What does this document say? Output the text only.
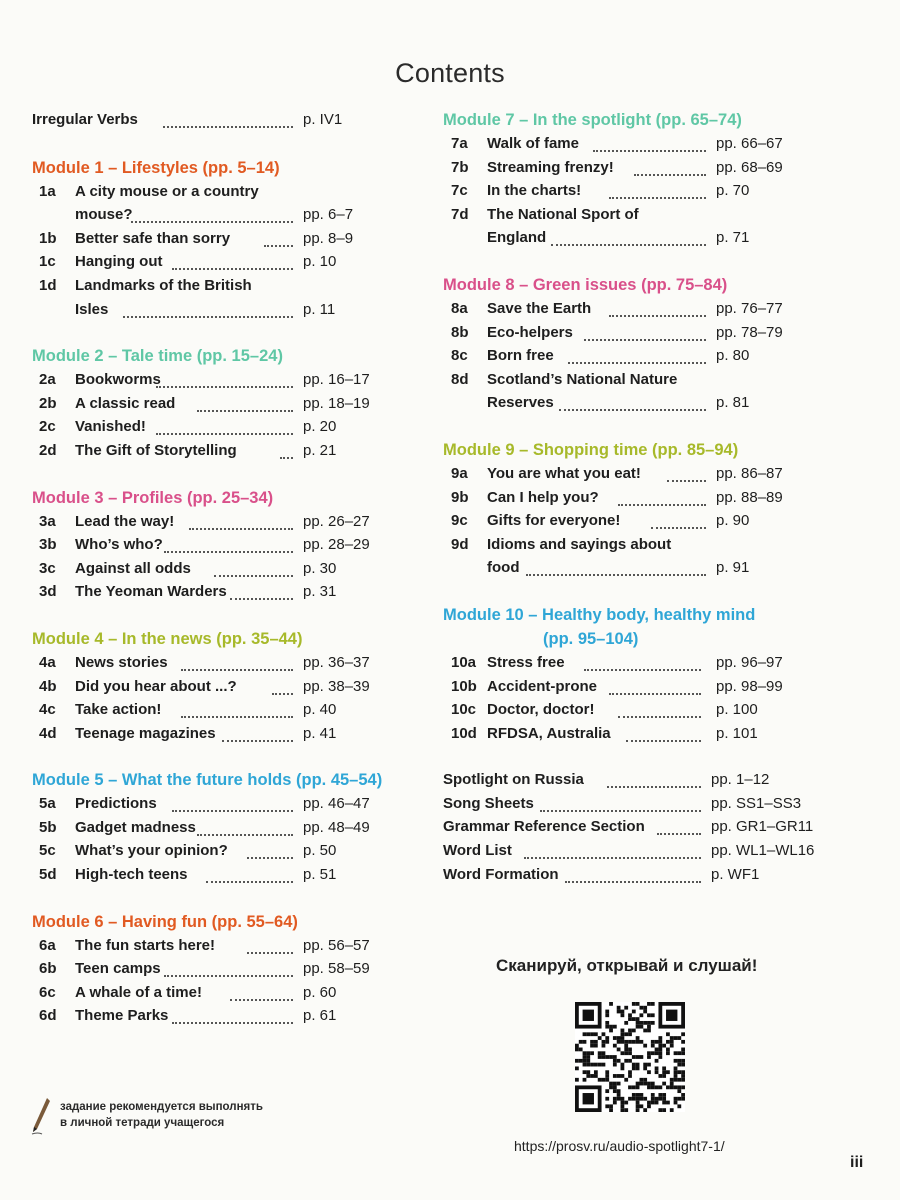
Contents
Irregular Verbs	p. IV1
Module 1 – Lifestyles (pp. 5–14)
1a A city mouse or a country
mouse?	pp. 6–7
1b Better safe than sorry	pp. 8–9
1c Hanging out	p. 10
1d Landmarks of the British
Isles	p. 11
Module 2 – Tale time (pp. 15–24)
2a Bookworms	pp. 16–17
2b A classic read	pp. 18–19
2c Vanished!	p. 20
2d The Gift of Storytelling	p. 21
Module 3 – Profiles (pp. 25–34)
3a Lead the way!	pp. 26–27
3b Who’s who?	pp. 28–29
3c Against all odds	p. 30
3d The Yeoman Warders	p. 31
Module 4 – In the news (pp. 35–44)
4a News stories	pp. 36–37
4b Did you hear about ...?	pp. 38–39
4c Take action!	p. 40
4d Teenage magazines	p. 41
Module 5 – What the future holds (pp. 45–54)
5a Predictions	pp. 46–47
5b Gadget madness	pp. 48–49
5c What’s your opinion?	p. 50
5d High-tech teens	p. 51
Module 6 – Having fun (pp. 55–64)
6a The fun starts here!	pp. 56–57
6b Teen camps	pp. 58–59
6c A whale of a time!	p. 60
6d Theme Parks	p. 61
Module 7 – In the spotlight (pp. 65–74)
7a Walk of fame	pp. 66–67
7b Streaming frenzy!	pp. 68–69
7c In the charts!	p. 70
7d The National Sport of
England	p. 71
Module 8 – Green issues (pp. 75–84)
8a Save the Earth	pp. 76–77
8b Eco-helpers	pp. 78–79
8c Born free	p. 80
8d Scotland’s National Nature
Reserves	p. 81
Module 9 – Shopping time (pp. 85–94)
9a You are what you eat!	pp. 86–87
9b Can I help you?	pp. 88–89
9c Gifts for everyone!	p. 90
9d Idioms and sayings about
food	p. 91
Module 10 – Healthy body, healthy mind
(pp. 95–104)
10a Stress free	pp. 96–97
10b Accident-prone	pp. 98–99
10c Doctor, doctor!	p. 100
10d RFDSA, Australia	p. 101
Spotlight on Russia	pp. 1–12
Song Sheets	pp. SS1–SS3
Grammar Reference Section	pp. GR1–GR11
Word List	pp. WL1–WL16
Word Formation	p. WF1
Сканируй, открывай и слушай!
https://prosv.ru/audio-spotlight7-1/
задание рекомендуется выполнять
в личной тетради учащегося
iii
